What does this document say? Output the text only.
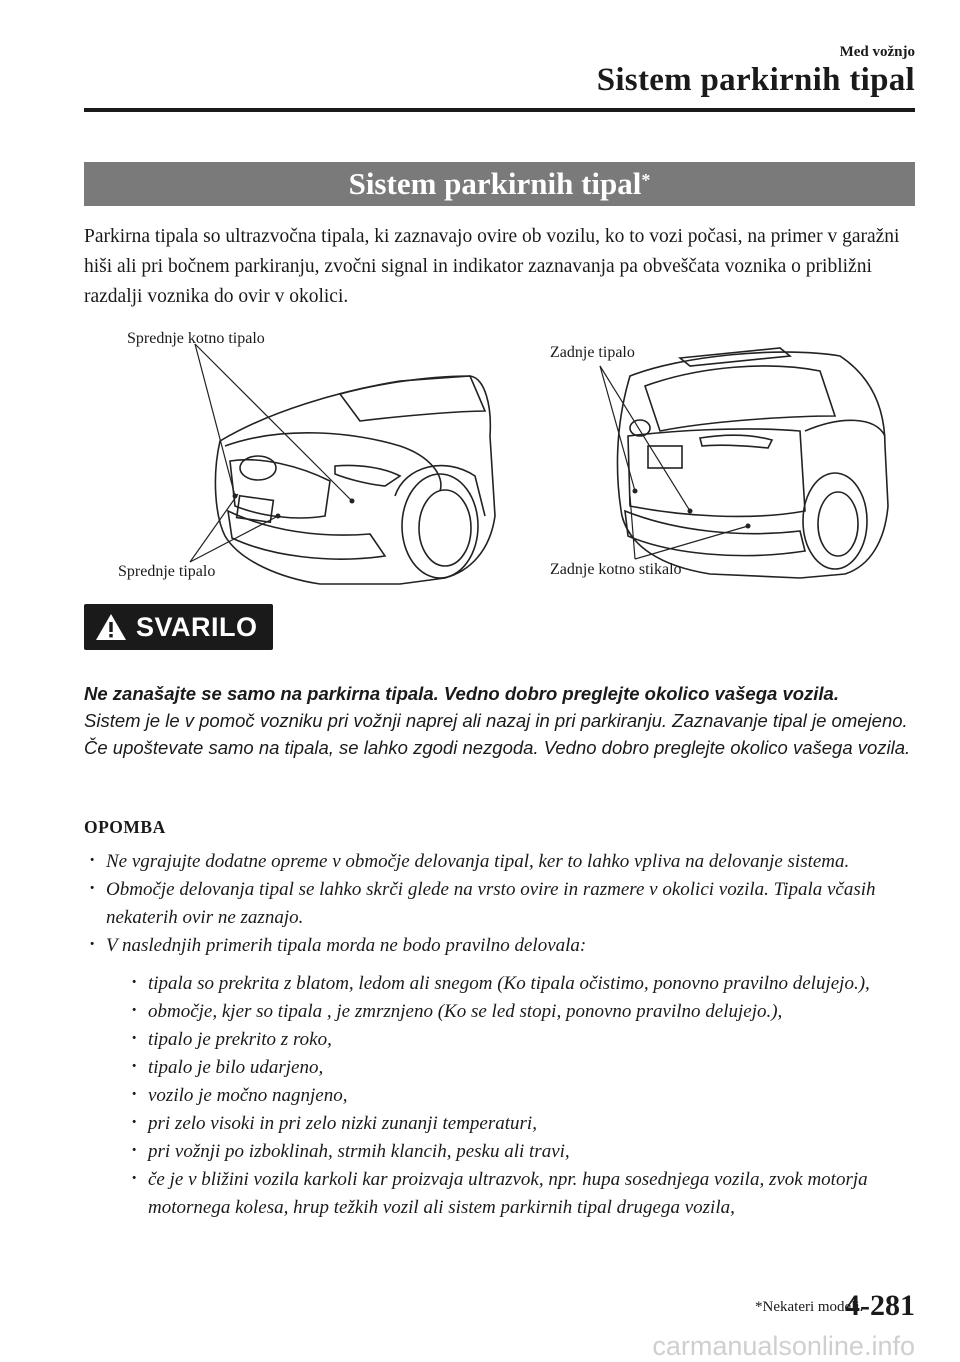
Med vožnjo
Sistem parkirnih tipal
Sistem parkirnih tipal*

Parkirna tipala so ultrazvočna tipala, ki zaznavajo ovire ob vozilu, ko to vozi počasi, na primer v garažni hiši ali pri bočnem parkiranju, zvočni signal in indikator zaznavanja pa obveščata voznika o približni razdalji voznika do ovir v okolici.

Sprednje kotno tipalo
Sprednje tipalo
Zadnje tipalo
Zadnje kotno stikalo
SVARILO

Ne zanašajte se samo na parkirna tipala. Vedno dobro preglejte okolico vašega vozila.
Sistem je le v pomoč vozniku pri vožnji naprej ali nazaj in pri parkiranju. Zaznavanje tipal je omejeno. Če upoštevate samo na tipala, se lahko zgodi nezgoda. Vedno dobro preglejte okolico vašega vozila.

OPOMBA
· Ne vgrajujte dodatne opreme v območje delovanja tipal, ker to lahko vpliva na delovanje sistema.
· Območje delovanja tipal se lahko skrči glede na vrsto ovire in razmere v okolici vozila. Tipala včasih nekaterih ovir ne zaznajo.
· V naslednjih primerih tipala morda ne bodo pravilno delovala:
· tipala so prekrita z blatom, ledom ali snegom (Ko tipala očistimo, ponovno pravilno delujejo.),
· območje, kjer so tipala , je zmrznjeno (Ko se led stopi, ponovno pravilno delujejo.),
· tipalo je prekrito z roko,
· tipalo je bilo udarjeno,
· vozilo je močno nagnjeno,
· pri zelo visoki in pri zelo nizki zunanji temperaturi,
· pri vožnji po izboklinah, strmih klancih, pesku ali travi,
· če je v bližini vozila karkoli kar proizvaja ultrazvok, npr. hupa sosednjega vozila, zvok motorja motornega kolesa, hrup težkih vozil ali sistem parkirnih tipal drugega vozila,
*Nekateri modeli.
4-281
carmanualsonline.info
